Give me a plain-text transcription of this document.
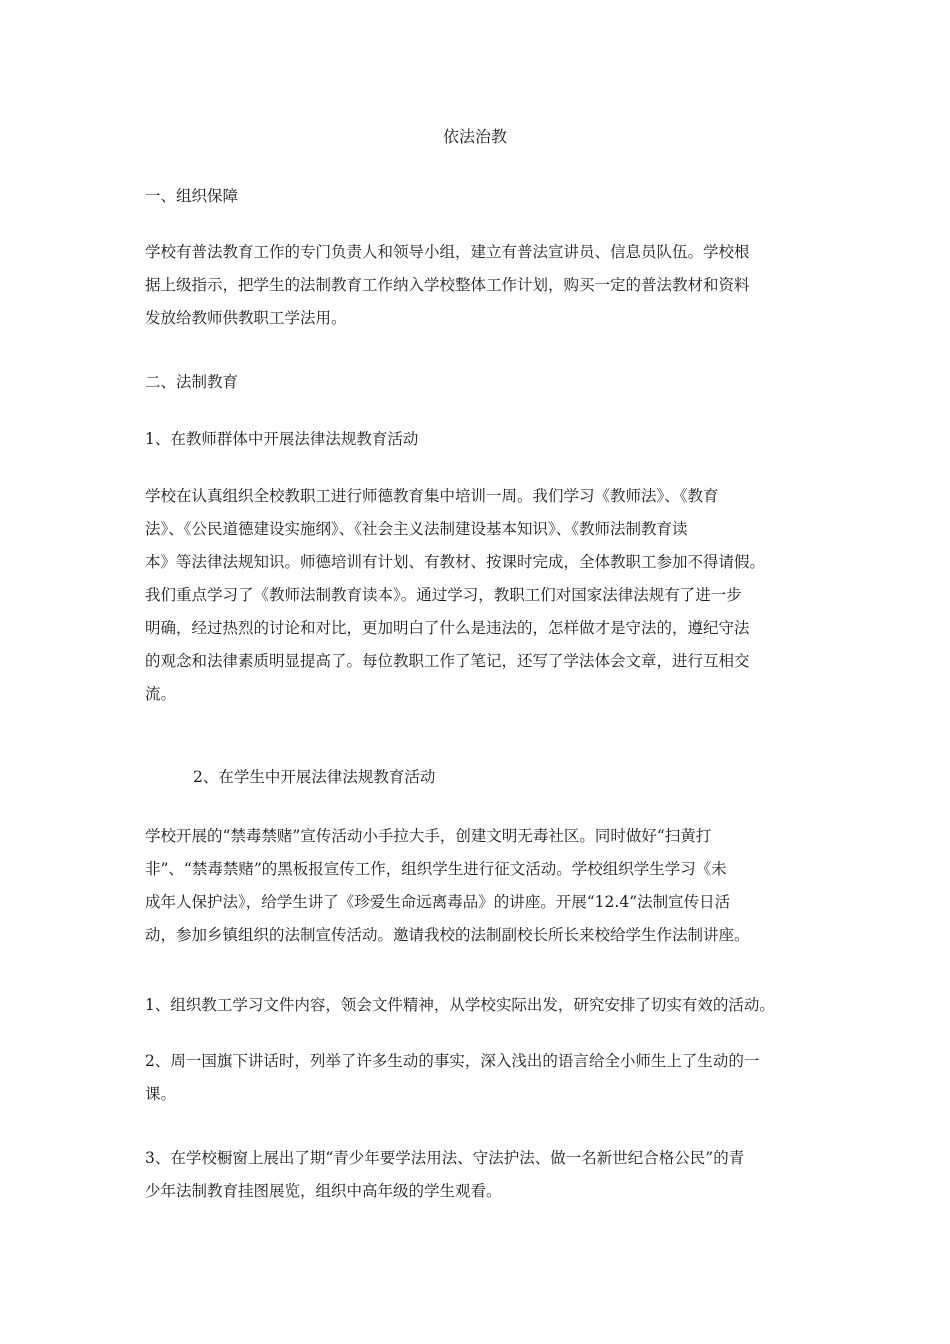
依法治教
一、组织保障
学校有普法教育工作的专门负责人和领导小组，建立有普法宣讲员、信息员队伍。学校根
据上级指示，把学生的法制教育工作纳入学校整体工作计划，购买一定的普法教材和资料
发放给教师供教职工学法用。
二、法制教育
1、在教师群体中开展法律法规教育活动
学校在认真组织全校教职工进行师德教育集中培训一周。我们学习《教师法》、《教育
法》、《公民道德建设实施纲》、《社会主义法制建设基本知识》、《教师法制教育读
本》等法律法规知识。师德培训有计划、有教材、按课时完成，全体教职工参加不得请假。
我们重点学习了《教师法制教育读本》。通过学习，教职工们对国家法律法规有了进一步
明确，经过热烈的讨论和对比，更加明白了什么是违法的，怎样做才是守法的，遵纪守法
的观念和法律素质明显提高了。每位教职工作了笔记，还写了学法体会文章，进行互相交
流。
2、在学生中开展法律法规教育活动
学校开展的“禁毒禁赌”宣传活动小手拉大手，创建文明无毒社区。同时做好“扫黄打
非”、“禁毒禁赌”的黑板报宣传工作，组织学生进行征文活动。学校组织学生学习《未
成年人保护法》，给学生讲了《珍爱生命远离毒品》的讲座。开展“12.4”法制宣传日活
动，参加乡镇组织的法制宣传活动。邀请我校的法制副校长所长来校给学生作法制讲座。
1、组织教工学习文件内容，领会文件精神，从学校实际出发，研究安排了切实有效的活动。
2、周一国旗下讲话时，列举了许多生动的事实，深入浅出的语言给全小师生上了生动的一
课。
3、在学校橱窗上展出了期“青少年要学法用法、守法护法、做一名新世纪合格公民”的青
少年法制教育挂图展览，组织中高年级的学生观看。
